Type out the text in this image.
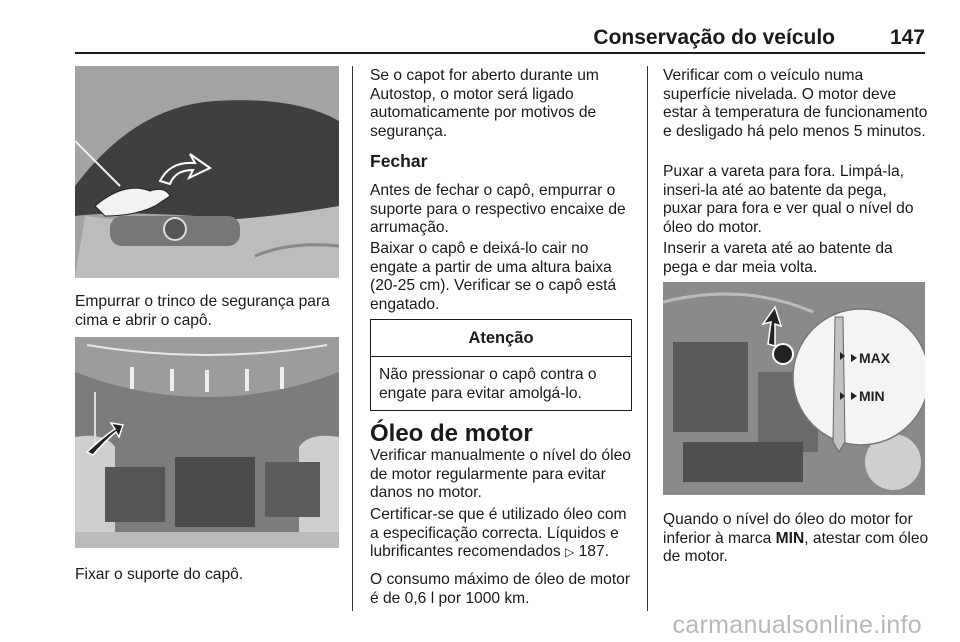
Conservação do veículo	147
Empurrar o trinco de segurança para cima e abrir o capô.
Fixar o suporte do capô.
Se o capot for aberto durante um Autostop, o motor será ligado automaticamente por motivos de segurança.
Fechar
Antes de fechar o capô, empurrar o suporte para o respectivo encaixe de arrumação.
Baixar o capô e deixá-lo cair no engate a partir de uma altura baixa (20-25 cm). Verificar se o capô está engatado.
Atenção
Não pressionar o capô contra o engate para evitar amolgá-lo.
Óleo de motor
Verificar manualmente o nível do óleo de motor regularmente para evitar danos no motor.
Certificar-se que é utilizado óleo com a especificação correcta. Líquidos e lubrificantes recomendados ▷ 187.
O consumo máximo de óleo de motor é de 0,6 l por 1000 km.
Verificar com o veículo numa superfície nivelada. O motor deve estar à temperatura de funcionamento e desligado há pelo menos 5 minutos.
Puxar a vareta para fora. Limpá-la, inseri-la até ao batente da pega, puxar para fora e ver qual o nível do óleo do motor.
Inserir a vareta até ao batente da pega e dar meia volta.
MAX
MIN
Quando o nível do óleo do motor for inferior à marca MIN, atestar com óleo de motor.
carmanualsonline.info
